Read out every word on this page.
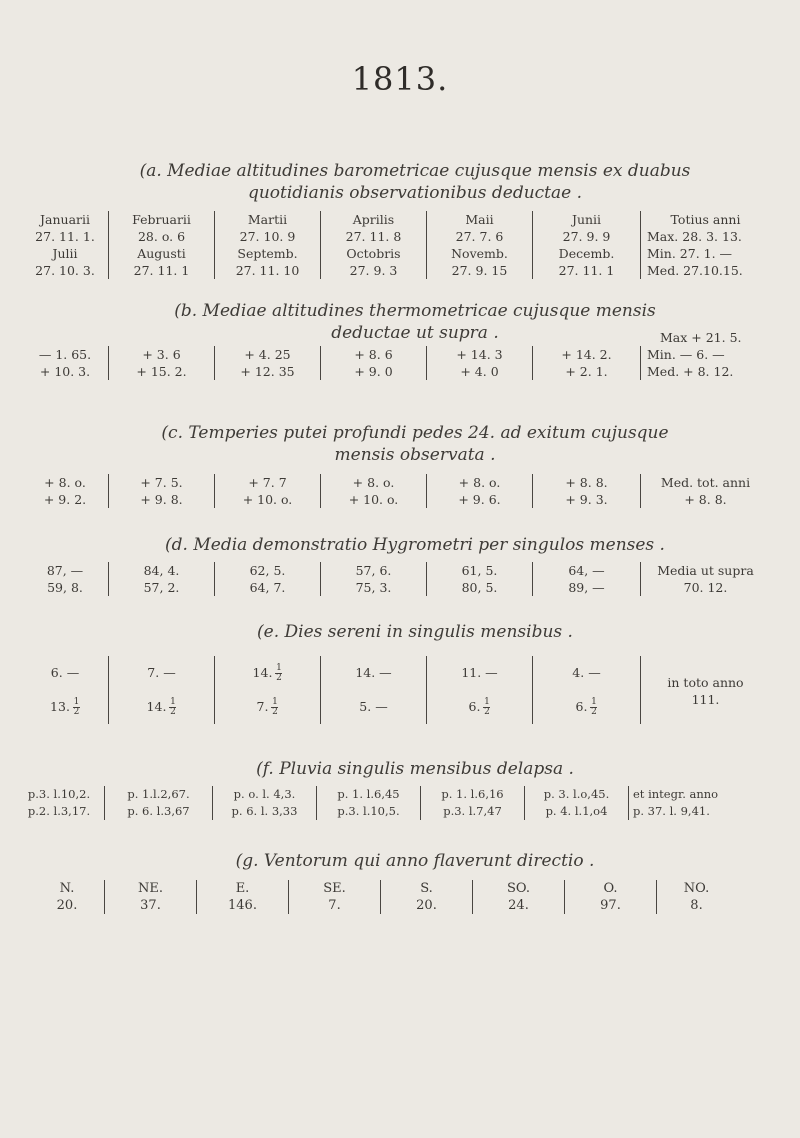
1813.
(a. Mediae altitudines barometricae cujusque mensis ex duabus
quotidianis observationibus deductae .
Januarii
27. 11. 1.
Julii
27. 10. 3.
Februarii
28. o. 6
Augusti
27. 11. 1
Martii
27. 10. 9
Septemb.
27. 11. 10
Aprilis
27. 11. 8
Octobris
27. 9. 3
Maii
27. 7. 6
Novemb.
27. 9. 15
Junii
27. 9. 9
Decemb.
27. 11. 1
Totius anni
Max. 28. 3. 13.
Min. 27. 1. —
Med. 27.10.15.
(b. Mediae altitudines thermometricae cujusque mensis
deductae ut supra .	Max + 21. 5.
— 1. 65.
+ 10. 3.
+ 3. 6
+ 15. 2.
+ 4. 25
+ 12. 35
+ 8. 6
+ 9. 0
+ 14. 3
+ 4. 0
+ 14. 2.
+ 2. 1.
Min. — 6. —
Med. + 8. 12.
(c. Temperies putei profundi pedes 24. ad exitum cujusque
mensis observata .
+ 8. o.
+ 9. 2.
+ 7. 5.
+ 9. 8.
+ 7. 7
+ 10. o.
+ 8. o.
+ 10. o.
+ 8. o.
+ 9. 6.
+ 8. 8.
+ 9. 3.
Med. tot. anni
+ 8. 8.
(d. Media demonstratio Hygrometri per singulos menses .
87, —
59, 8.
84, 4.
57, 2.
62, 5.
64, 7.
57, 6.
75, 3.
61, 5.
80, 5.
64, —
89, —
Media ut supra
70. 12.
(e. Dies sereni in singulis mensibus .
6. —
13. $\frac{1}{2}$
7. —
14. $\frac{1}{2}$
14. $\frac{1}{2}$
7. $\frac{1}{2}$
14. —
5. —
11. —
6. $\frac{1}{2}$
4. —
6. $\frac{1}{2}$
in toto anno
111.
(f. Pluvia singulis mensibus delapsa .
p.3. l.10,2.
p.2. l.3,17.
p. 1.l.2,67.
p. 6. l.3,67
p. o. l. 4,3.
p. 6. l. 3,33
p. 1. l.6,45
p.3. l.10,5.
p. 1. l.6,16
p.3. l.7,47
p. 3. l.o,45.
p. 4. l.1,o4
et integr. anno
p. 37. l. 9,41.
(g. Ventorum qui anno flaverunt directio .
N.
20.
NE.
37.
E.
146.
SE.
7.
S.
20.
SO.
24.
O.
97.
NO.
8.
